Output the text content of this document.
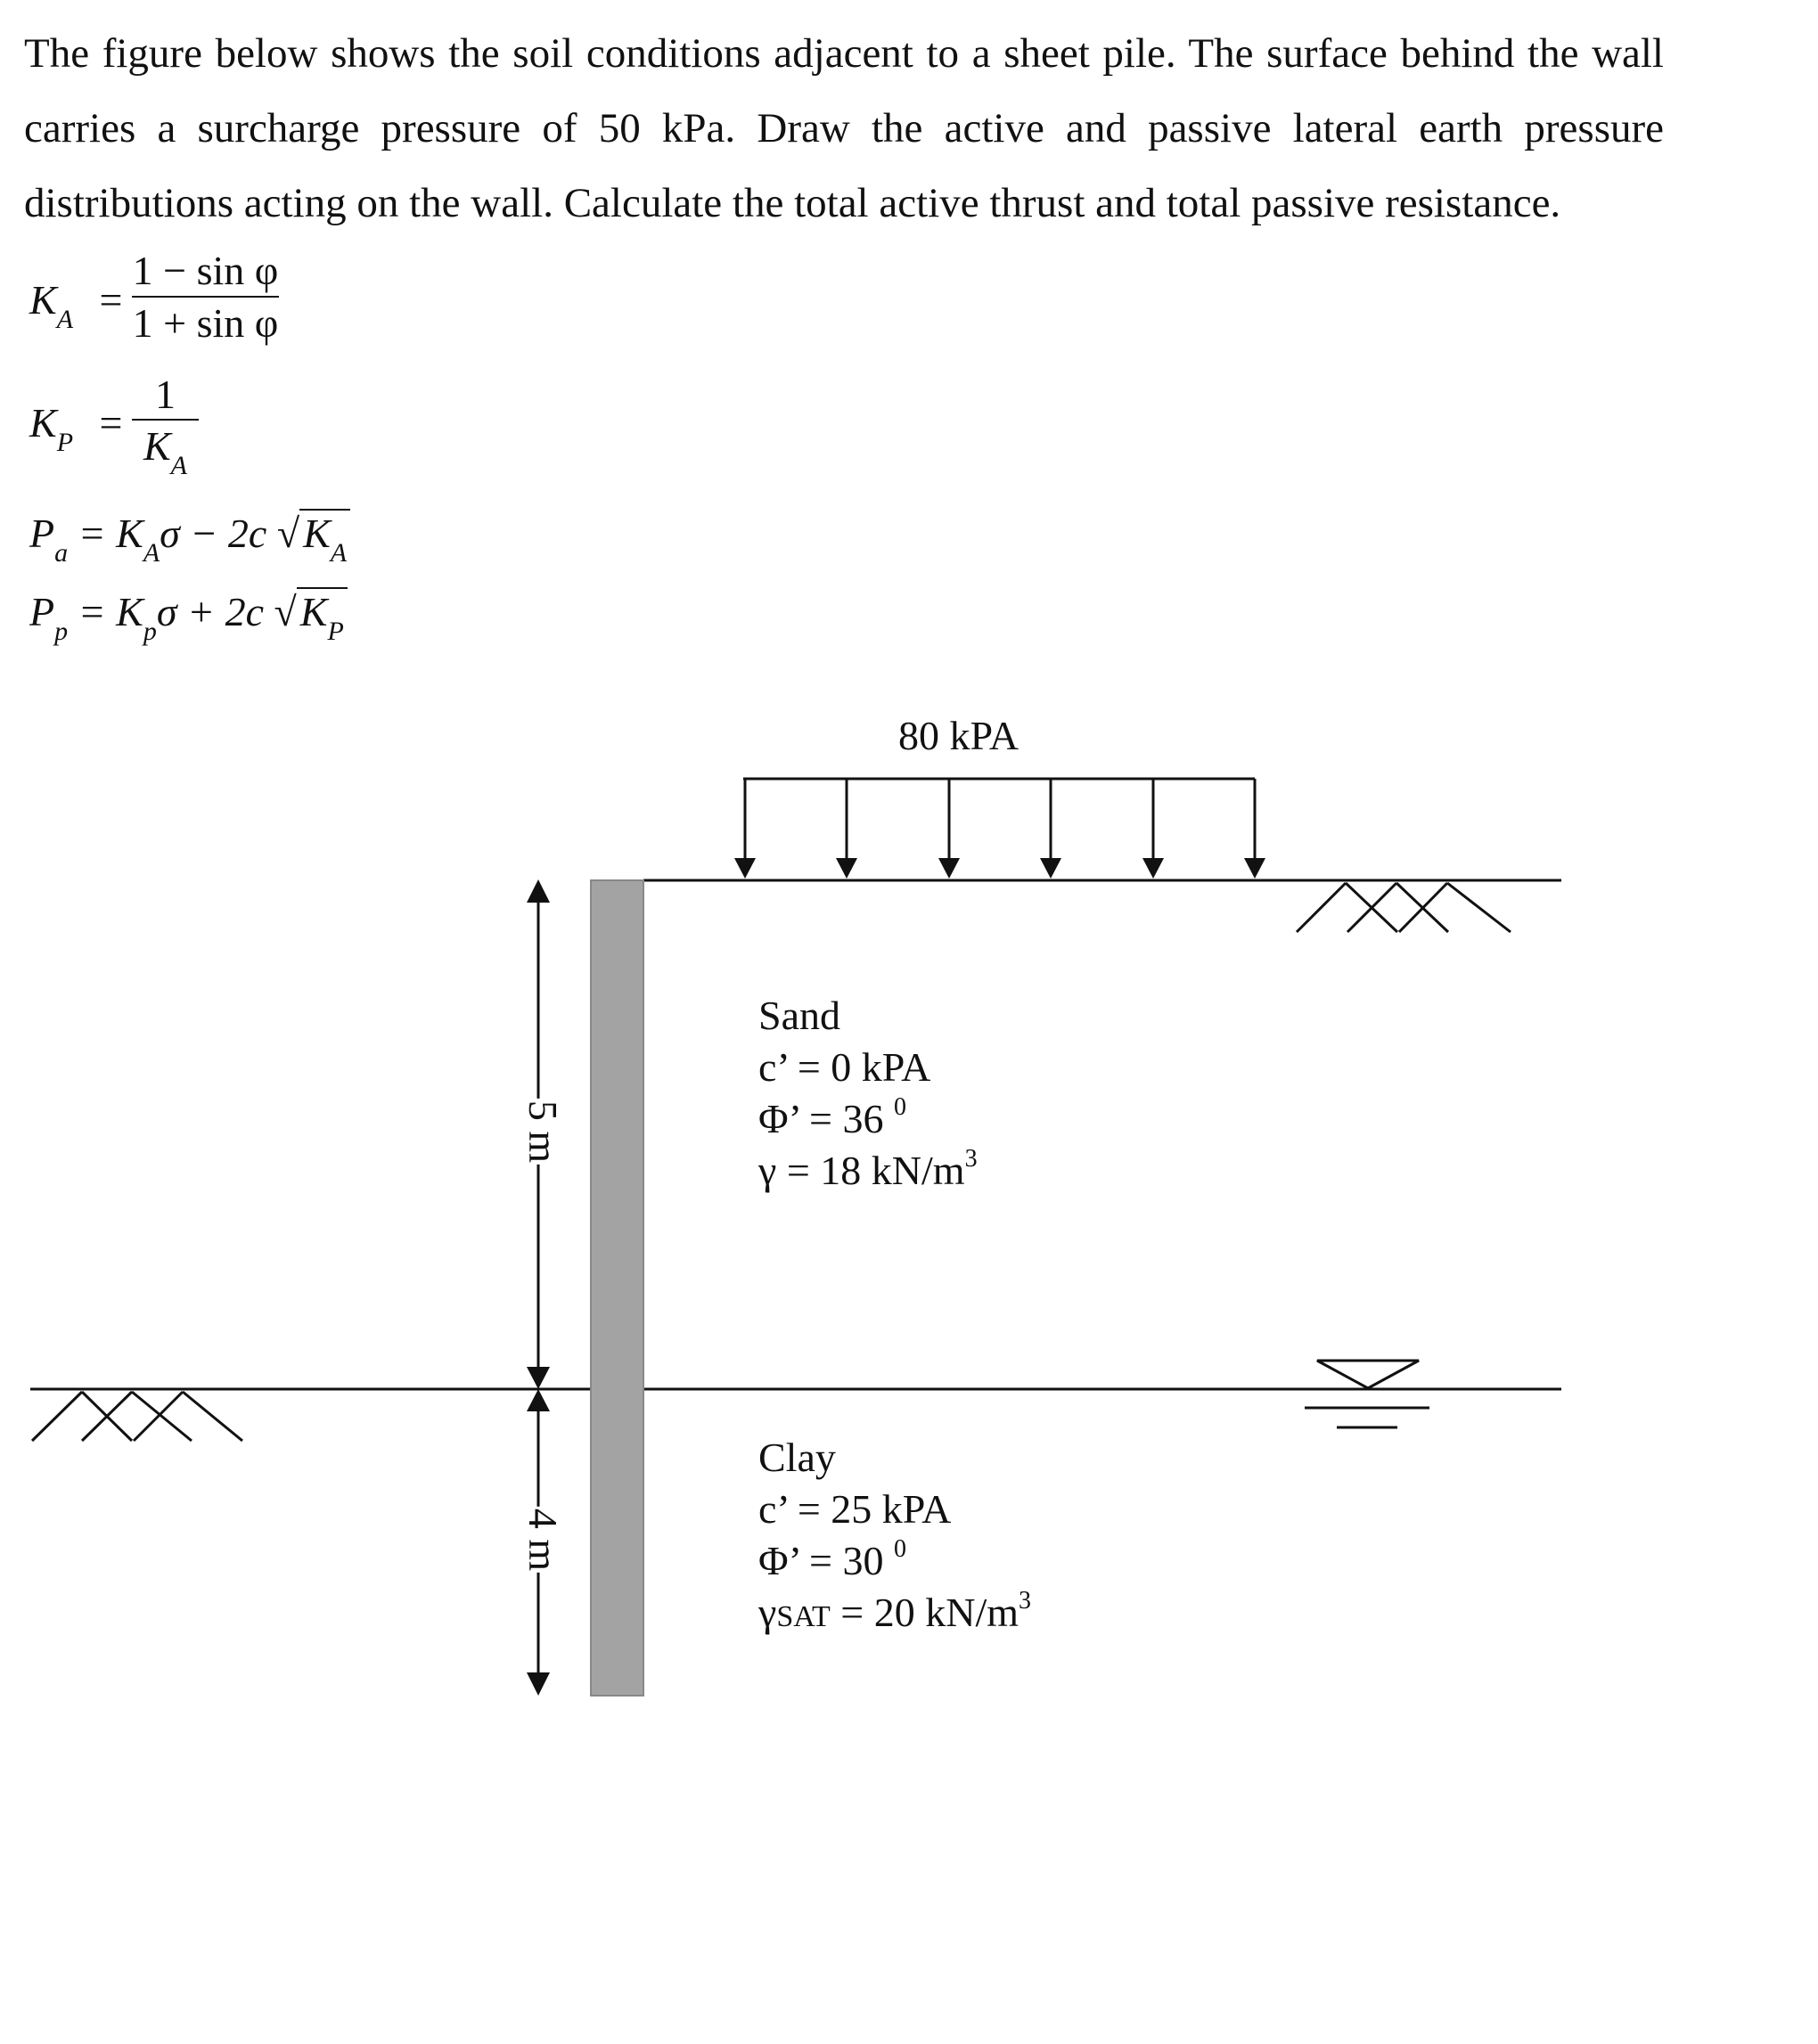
The figure below shows the soil conditions adjacent to a sheet pile. The surface behind the wall carries a surcharge pressure of 50 kPa. Draw the active and passive lateral earth pressure distributions acting on the wall. Calculate the total active thrust and total passive resistance.
$K_A$ =
1 − sin φ
1 + sin φ
$K_P$ =
1
$K_A$
$P_a = K_A\sigma - 2c$ $√K_A$
$P_p = K_p\sigma + 2c$ $√K_P$
80 kPA
5 m
4 m
Sand
c’ = 0 kPA
Φ’ = 36 $^0$
γ = 18 $kN/m^3$
Clay
c’ = 25 kPA
Φ’ = 30 $^0$
γSAT = 20 $kN/m^3$
